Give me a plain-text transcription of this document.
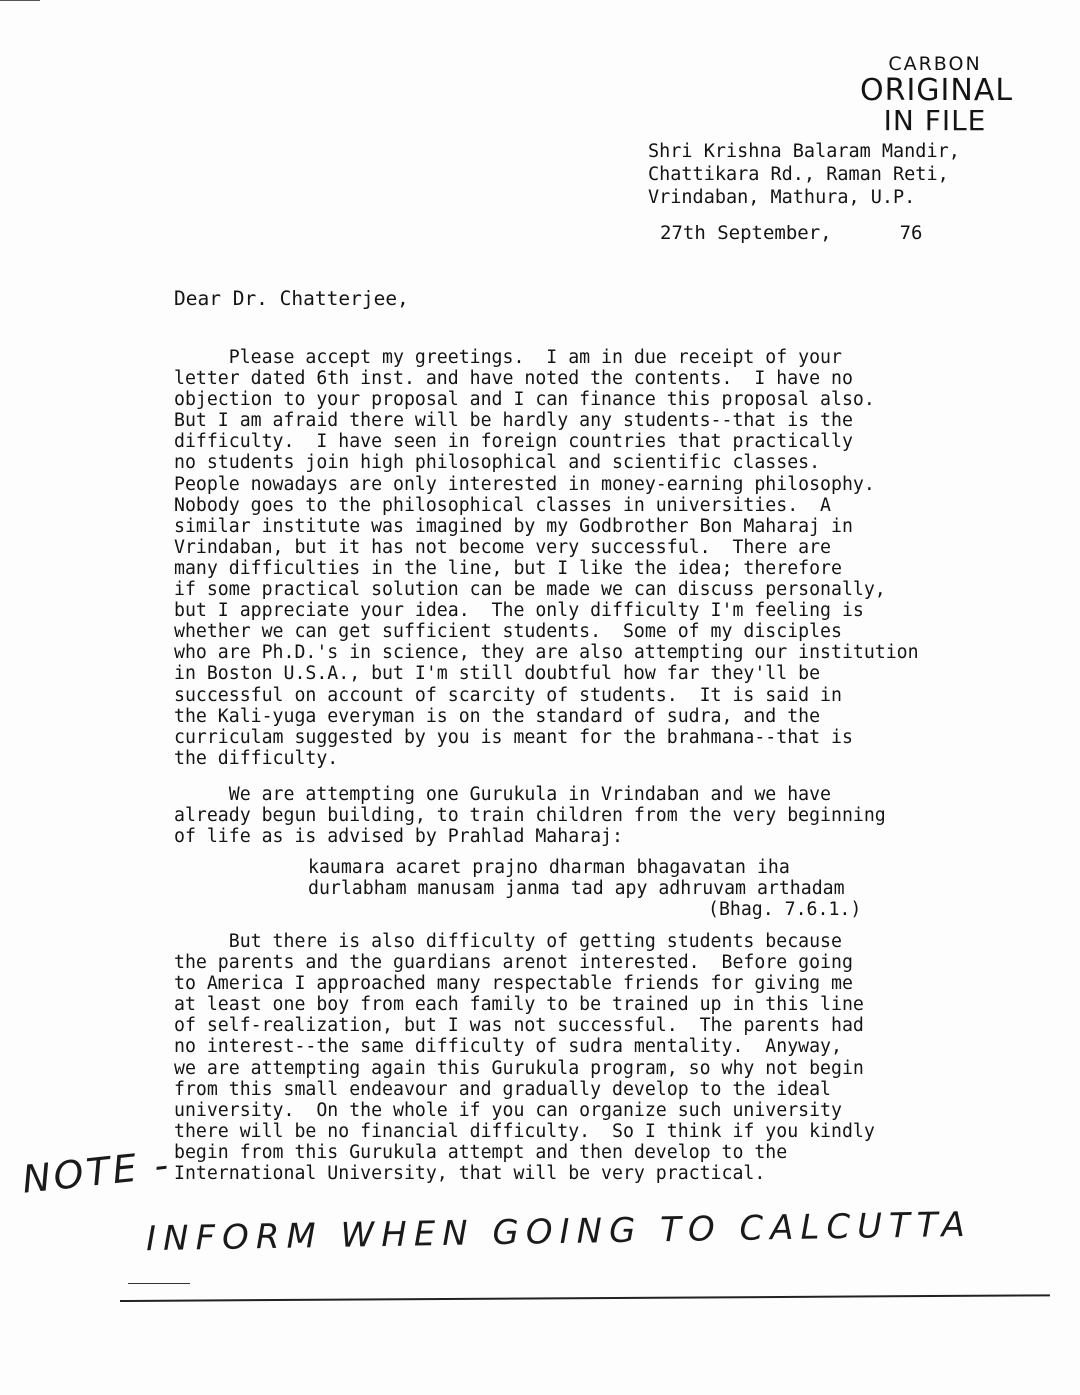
CARBON
ORIGINAL
IN FILE
Shri Krishna Balaram Mandir,
Chattikara Rd., Raman Reti,
Vrindaban, Mathura, U.P.
27th September,	76
Dear Dr. Chatterjee,
Please accept my greetings.  I am in due receipt of your
letter dated 6th inst. and have noted the contents.  I have no
objection to your proposal and I can finance this proposal also.
But I am afraid there will be hardly any students--that is the
difficulty.  I have seen in foreign countries that practically
no students join high philosophical and scientific classes.
People nowadays are only interested in money-earning philosophy.
Nobody goes to the philosophical classes in universities.  A
similar institute was imagined by my Godbrother Bon Maharaj in
Vrindaban, but it has not become very successful.  There are
many difficulties in the line, but I like the idea; therefore
if some practical solution can be made we can discuss personally,
but I appreciate your idea.  The only difficulty I'm feeling is
whether we can get sufficient students.  Some of my disciples
who are Ph.D.'s in science, they are also attempting our institution
in Boston U.S.A., but I'm still doubtful how far they'll be
successful on account of scarcity of students.  It is said in
the Kali-yuga everyman is on the standard of sudra, and the
curriculam suggested by you is meant for the brahmana--that is
the difficulty.
We are attempting one Gurukula in Vrindaban and we have
already begun building, to train children from the very beginning
of life as is advised by Prahlad Maharaj:
kaumara acaret prajno dharman bhagavatan iha
durlabham manusam janma tad apy adhruvam arthadam
(Bhag. 7.6.1.)
But there is also difficulty of getting students because
the parents and the guardians arenot interested.  Before going
to America I approached many respectable friends for giving me
at least one boy from each family to be trained up in this line
of self-realization, but I was not successful.  The parents had
no interest--the same difficulty of sudra mentality.  Anyway,
we are attempting again this Gurukula program, so why not begin
from this small endeavour and gradually develop to the ideal
university.  On the whole if you can organize such university
there will be no financial difficulty.  So I think if you kindly
begin from this Gurukula attempt and then develop to the
International University, that will be very practical.
NOTE -
INFORM WHEN GOING TO CALCUTTA
